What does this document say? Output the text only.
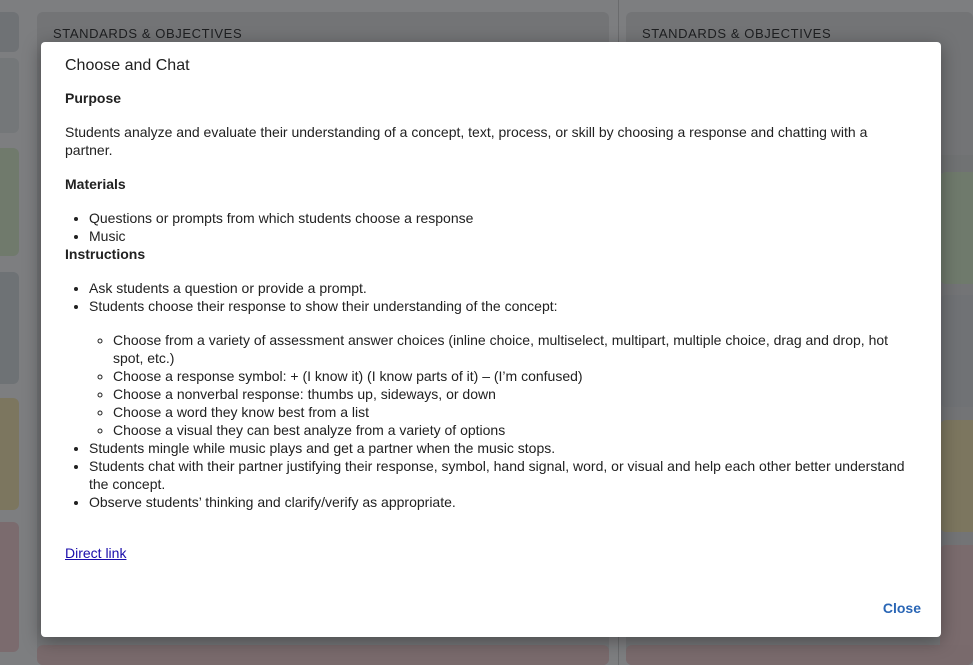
STANDARDS & OBJECTIVES	STANDARDS & OBJECTIVES
Choose and Chat

Purpose

Students analyze and evaluate their understanding of a concept, text, process, or skill by choosing a response and chatting with a partner.

Materials

• Questions or prompts from which students choose a response
• Music

Instructions

• Ask students a question or provide a prompt.
• Students choose their response to show their understanding of the concept:
◦ Choose from a variety of assessment answer choices (inline choice, multiselect, multipart, multiple choice, drag and drop, hot spot, etc.)
◦ Choose a response symbol: + (I know it) (I know parts of it) – (I’m confused)
◦ Choose a nonverbal response: thumbs up, sideways, or down
◦ Choose a word they know best from a list
◦ Choose a visual they can best analyze from a variety of options
• Students mingle while music plays and get a partner when the music stops.
• Students chat with their partner justifying their response, symbol, hand signal, word, or visual and help each other better understand the concept.
• Observe students’ thinking and clarify/verify as appropriate.
Direct link
Close
